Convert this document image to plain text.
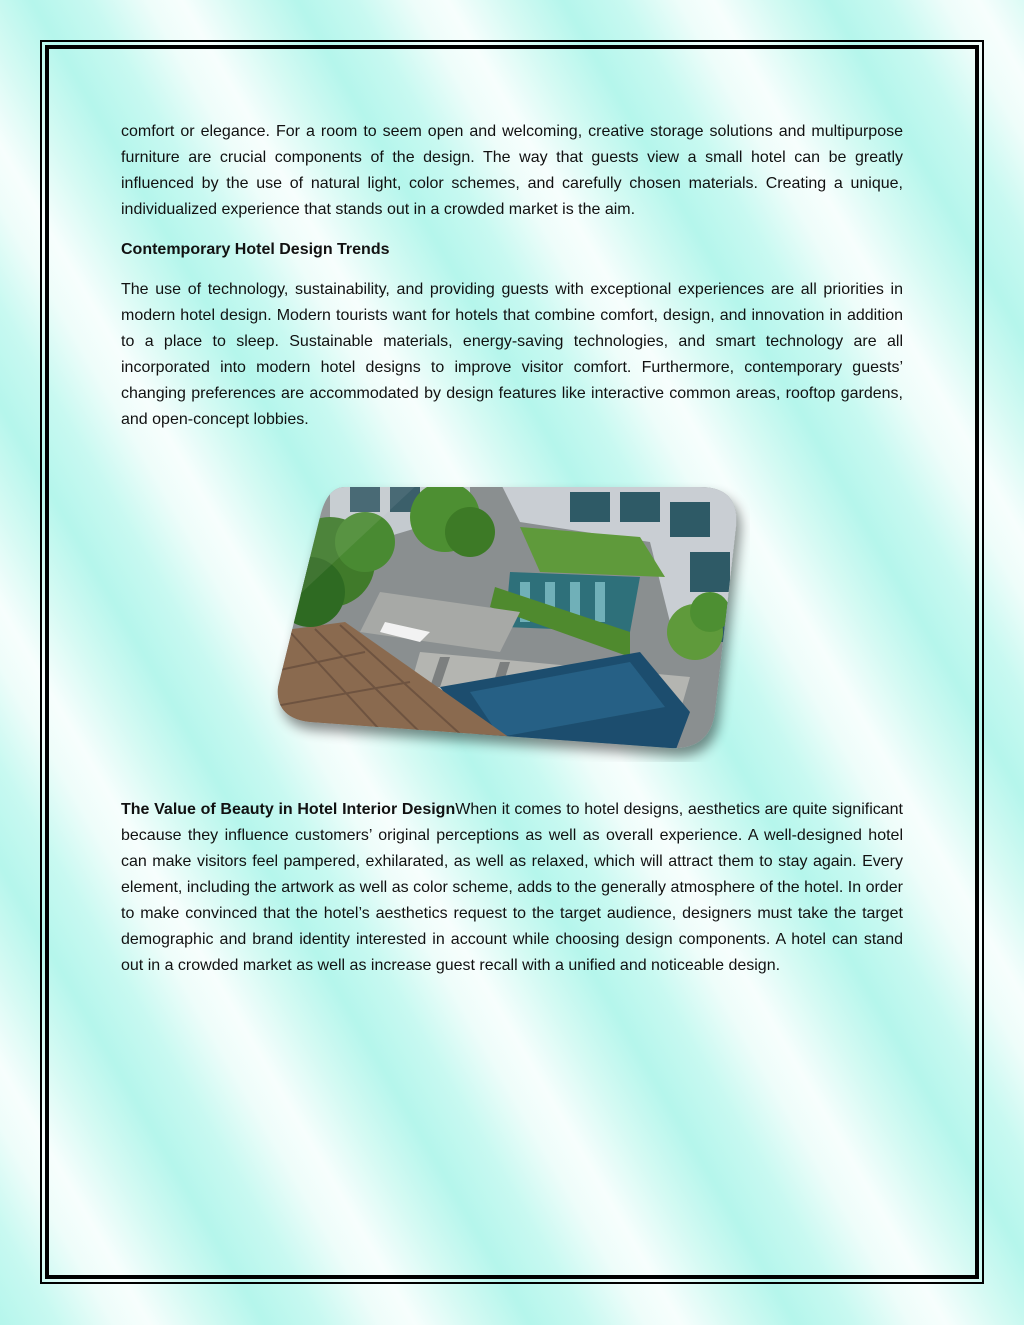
comfort or elegance. For a room to seem open and welcoming, creative storage solutions and multipurpose furniture are crucial components of the design. The way that guests view a small hotel can be greatly influenced by the use of natural light, color schemes, and carefully chosen materials. Creating a unique, individualized experience that stands out in a crowded market is the aim.

Contemporary Hotel Design Trends

The use of technology, sustainability, and providing guests with exceptional experiences are all priorities in modern hotel design. Modern tourists want for hotels that combine comfort, design, and innovation in addition to a place to sleep. Sustainable materials, energy-saving technologies, and smart technology are all incorporated into modern hotel designs to improve visitor comfort. Furthermore, contemporary guests’ changing preferences are accommodated by design features like interactive common areas, rooftop gardens, and open-concept lobbies.

The Value of Beauty in Hotel Interior DesignWhen it comes to hotel designs, aesthetics are quite significant because they influence customers’ original perceptions as well as overall experience. A well-designed hotel can make visitors feel pampered, exhilarated, as well as relaxed, which will attract them to stay again. Every element, including the artwork as well as color scheme, adds to the generally atmosphere of the hotel. In order to make convinced that the hotel’s aesthetics request to the target audience, designers must take the target demographic and brand identity interested in account while choosing design components. A hotel can stand out in a crowded market as well as increase guest recall with a unified and noticeable design.
